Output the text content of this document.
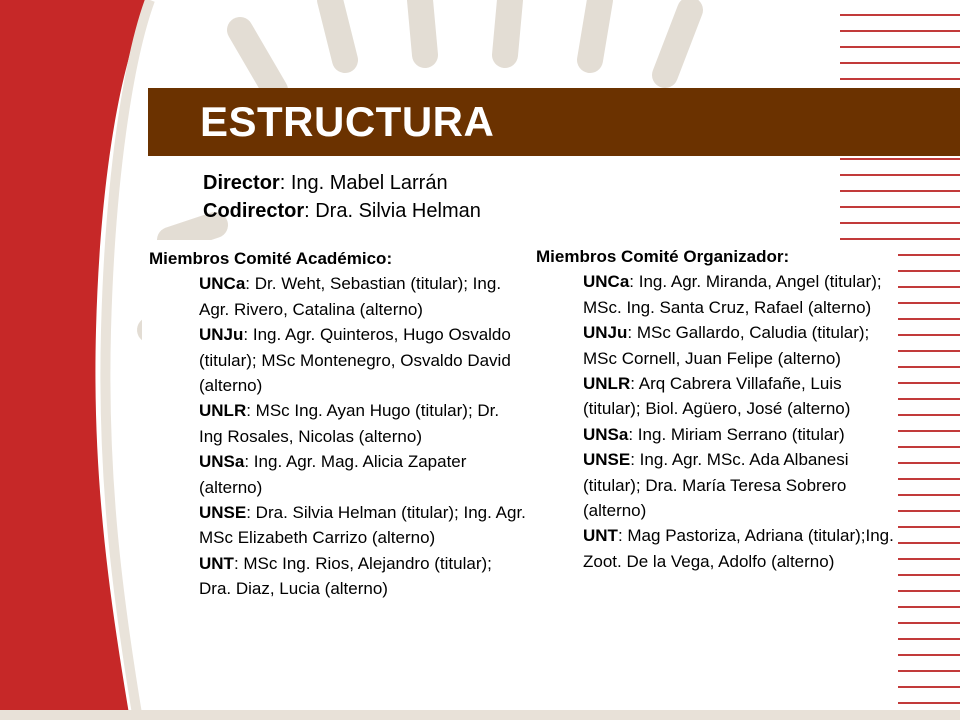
ESTRUCTURA
Director: Ing. Mabel Larrán
Codirector: Dra. Silvia Helman
Miembros Comité Académico:
UNCa: Dr. Weht, Sebastian (titular); Ing. Agr. Rivero, Catalina (alterno)
UNJu: Ing. Agr. Quinteros, Hugo Osvaldo (titular); MSc Montenegro, Osvaldo David (alterno)
UNLR: MSc Ing. Ayan Hugo (titular); Dr. Ing Rosales, Nicolas (alterno)
UNSa: Ing. Agr. Mag. Alicia Zapater (alterno)
UNSE: Dra. Silvia Helman (titular); Ing. Agr. MSc Elizabeth Carrizo (alterno)
UNT: MSc Ing. Rios, Alejandro (titular); Dra. Diaz, Lucia (alterno)
Miembros Comité Organizador:
UNCa: Ing. Agr. Miranda, Angel (titular); MSc. Ing. Santa Cruz, Rafael (alterno)
UNJu: MSc Gallardo, Caludia (titular); MSc Cornell, Juan Felipe (alterno)
UNLR: Arq Cabrera Villafañe, Luis (titular); Biol. Agüero, José (alterno)
UNSa: Ing. Miriam Serrano (titular)
UNSE: Ing. Agr. MSc. Ada Albanesi (titular); Dra. María Teresa Sobrero (alterno)
UNT: Mag Pastoriza, Adriana (titular);Ing. Zoot. De la Vega, Adolfo (alterno)
